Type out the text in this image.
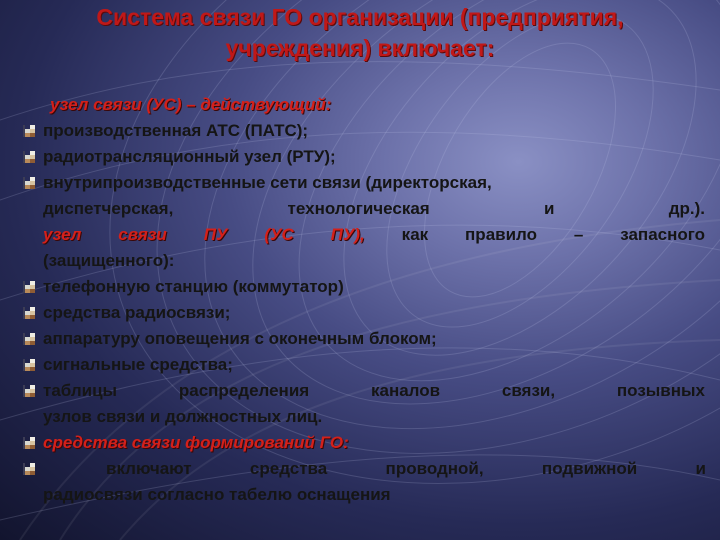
Система связи ГО организации (предприятия,
учреждения) включает:
узел связи (УС) – действующий:
производственная АТС (ПАТС);
радиотрансляционный узел (РТУ);
внутрипроизводственные сети связи (директорская,
диспетчерская, технологическая и др.).
узел связи ПУ (УС ПУ), как правило – запасного
(защищенного):
телефонную станцию (коммутатор)
средства радиосвязи;
аппаратуру оповещения с оконечным блоком;
сигнальные средства;
таблицы распределения каналов связи, позывных
узлов связи и должностных лиц.
средства связи формирований ГО:
включают средства проводной, подвижной и
радиосвязи согласно табелю оснащения
